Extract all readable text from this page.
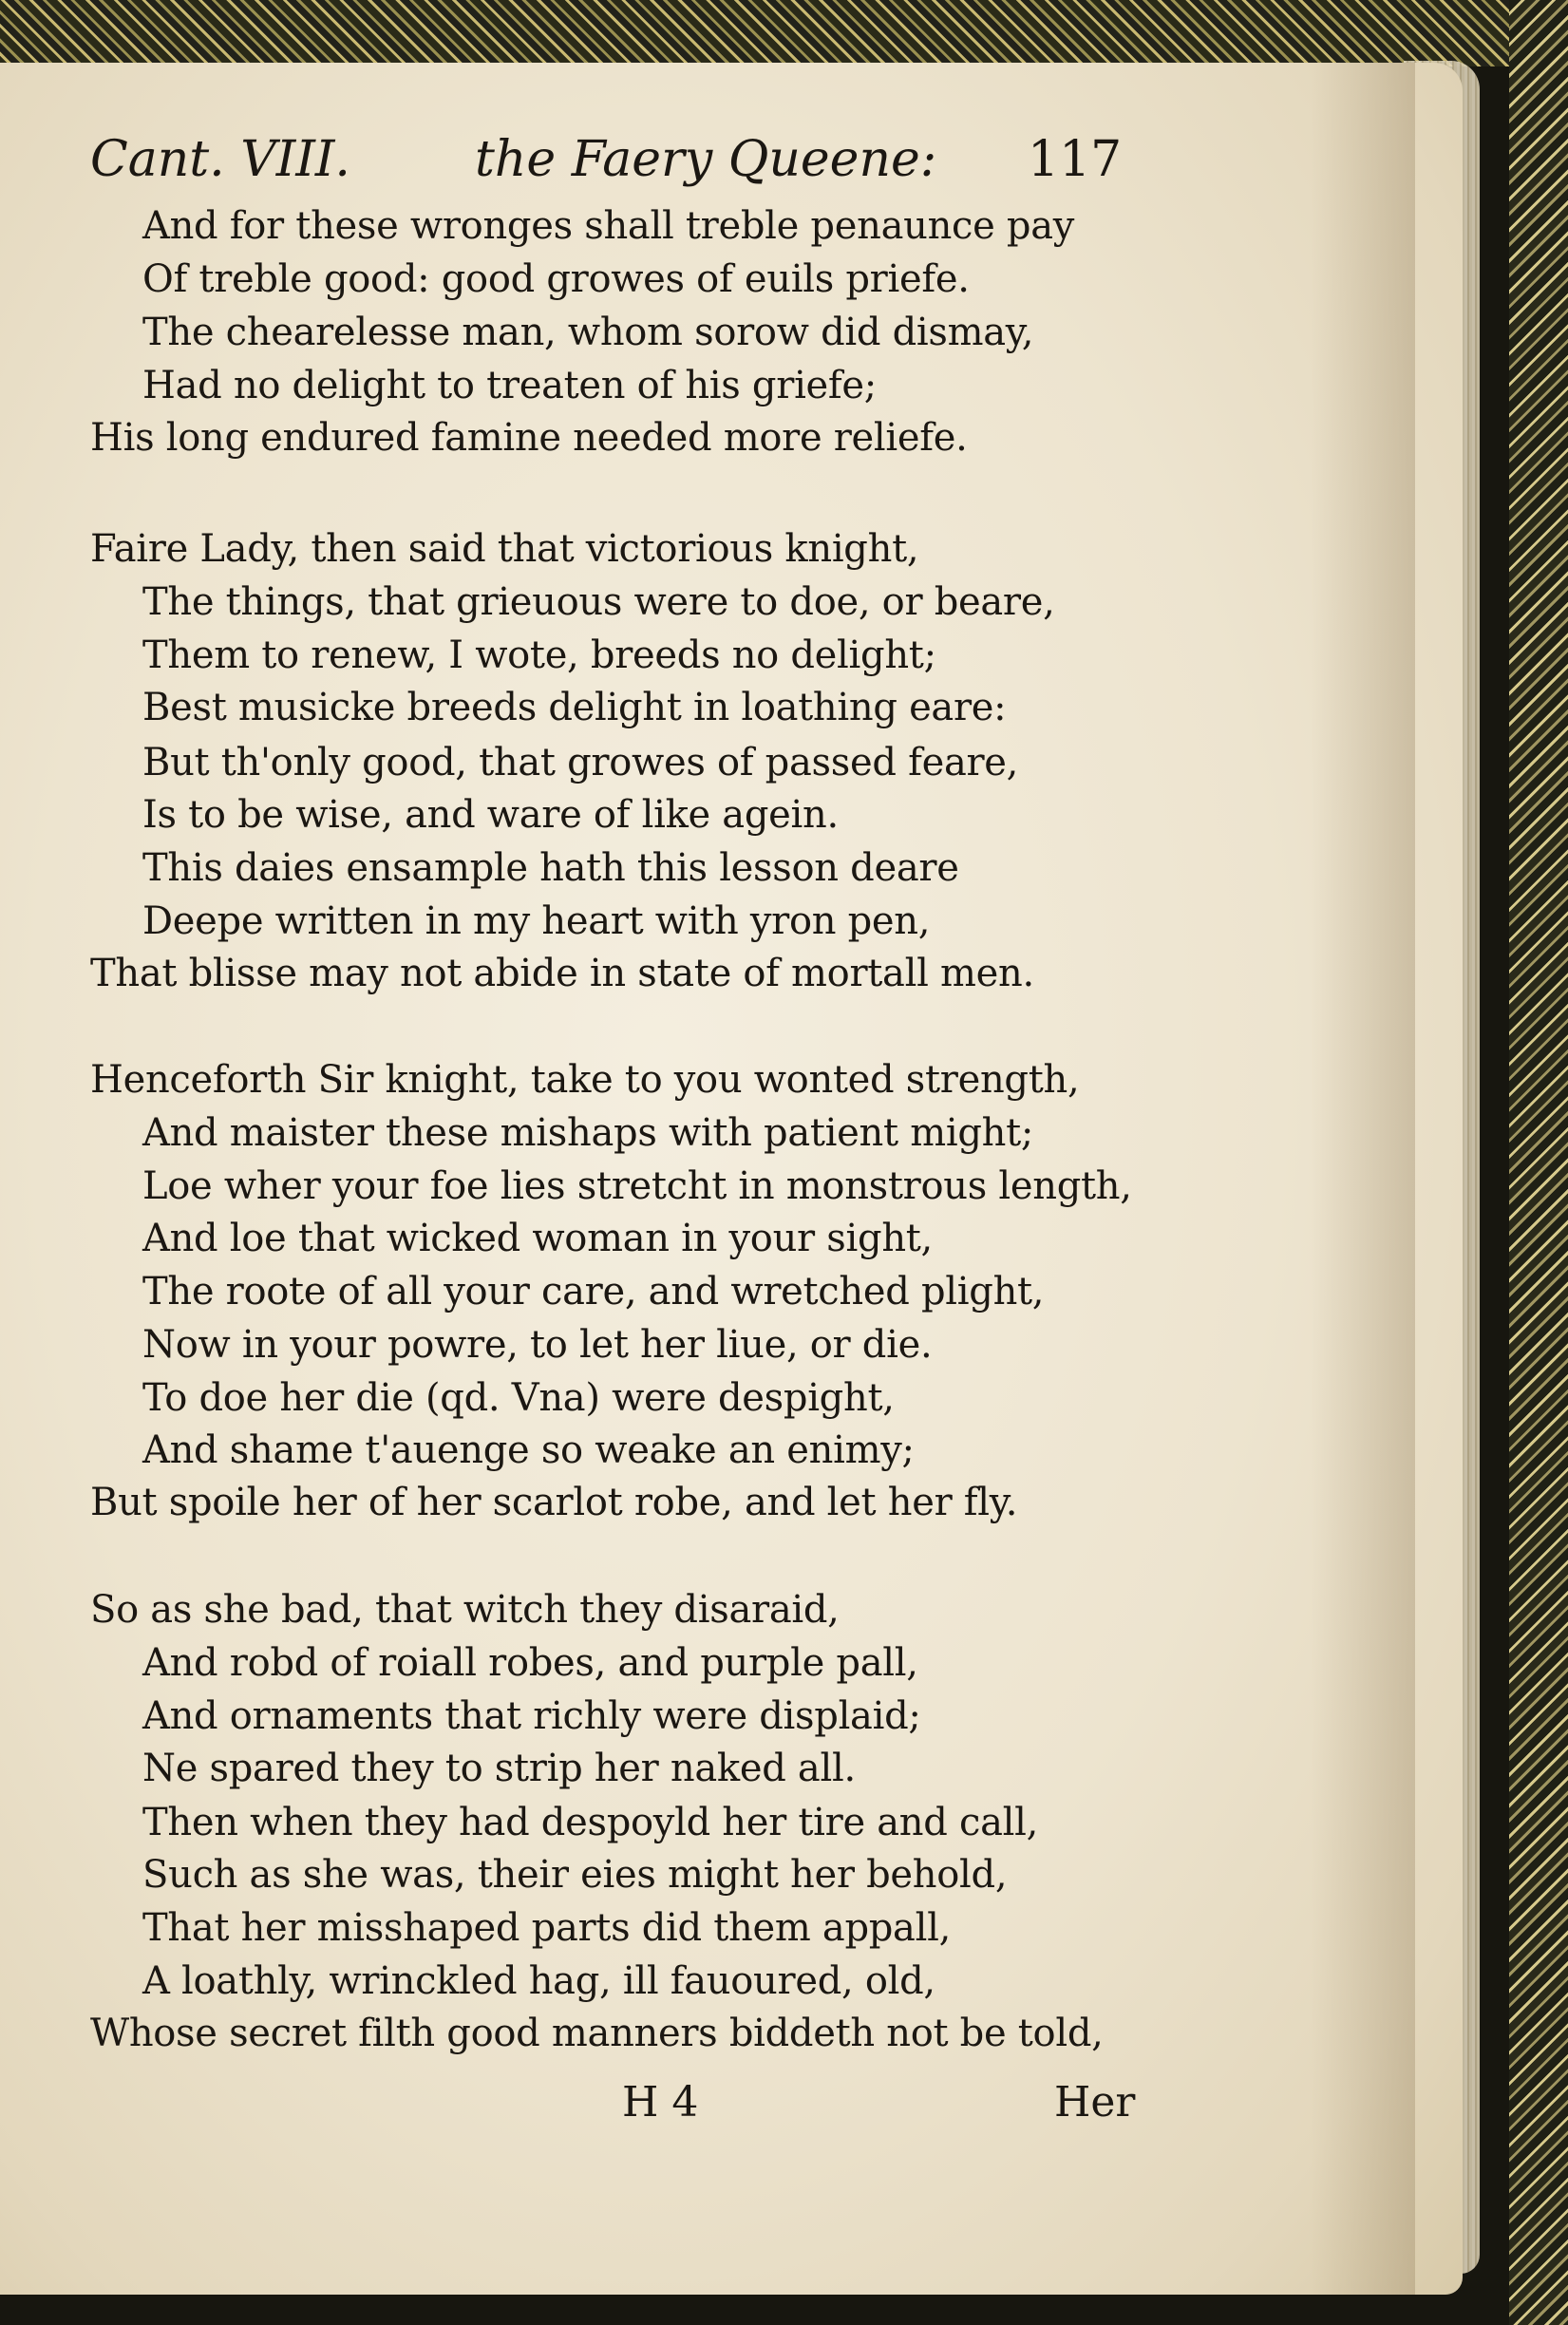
Cant. VIII.	the Faery Queene: 117
And for these wronges shall treble penaunce pay
Of treble good: good growes of euils priefe.
The chearelesse man, whom sorow did dismay,
Had no delight to treaten of his griefe;
His long endured famine needed more reliefe.
Faire Lady, then said that victorious knight,
The things, that grieuous were to doe, or beare,
Them to renew, I wote, breeds no delight;
Best musicke breeds delight in loathing eare:
But th'only good, that growes of passed feare,
Is to be wise, and ware of like agein.
This daies ensample hath this lesson deare
Deepe written in my heart with yron pen,
That blisse may not abide in state of mortall men.
Henceforth Sir knight, take to you wonted strength,
And maister these mishaps with patient might;
Loe wher your foe lies stretcht in monstrous length,
And loe that wicked woman in your sight,
The roote of all your care, and wretched plight,
Now in your powre, to let her liue, or die.
To doe her die (qd. Vna) were despight,
And shame t'auenge so weake an enimy;
But spoile her of her scarlot robe, and let her fly.
So as she bad, that witch they disaraid,
And robd of roiall robes, and purple pall,
And ornaments that richly were displaid;
Ne spared they to strip her naked all.
Then when they had despoyld her tire and call,
Such as she was, their eies might her behold,
That her misshaped parts did them appall,
A loathly, wrinckled hag, ill fauoured, old,
Whose secret filth good manners biddeth not be told,
H 4	Her
